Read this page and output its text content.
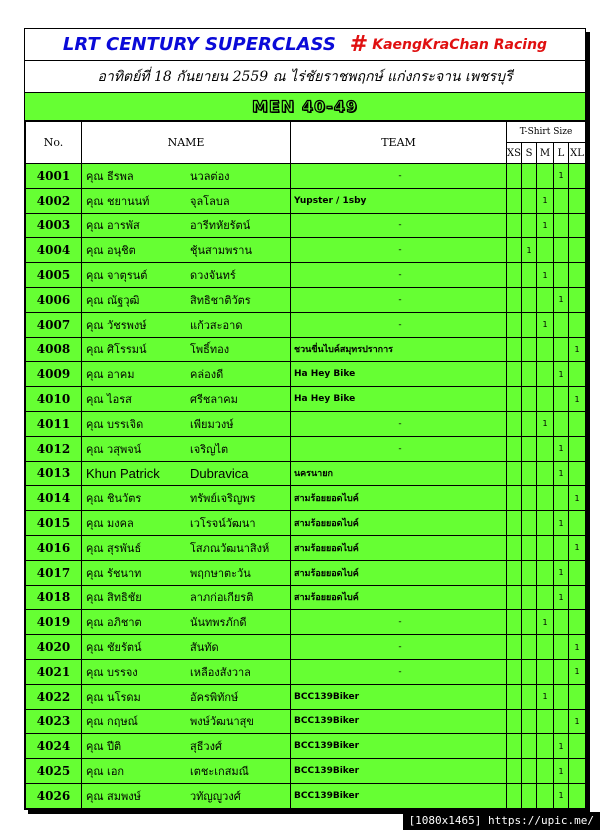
LRT CENTURY SUPERCLASS # KaengKraChan Racing
อาทิตย์ที่ 18 กันยายน 2559 ณ ไร่ชัยราชพฤกษ์ แก่งกระจาน เพชรบุรี
MEN 40-49
No.	NAME	TEAM	T-Shirt Size				
			XS	S	M	L	XL
4001	คุณ ธีรพล นวลต่อง	-				1	
4002	คุณ ชยานนท์ จุลโลบล	Yupster / 1sby			1		
4003	คุณ อารพัส อารีทหัยรัตน์	-			1		
4004	คุณ อนุชิต ชุ้นสามพราน	-		1			
4005	คุณ จาตุรนต์ ดวงจันทร์	-			1		
4006	คุณ ณัฐวุฒิ สิทธิชาติวัตร	-				1	
4007	คุณ วัชรพงษ์ แก้วสะอาด	-			1		
4008	คุณ ศิโรรมน์ โพธิ์ทอง	ชวนขี่นไบค์สมุทรปราการ					1
4009	คุณ อาคม คล่องดี	Ha Hey Bike				1	
4010	คุณ ไอรส ศรีชลาคม	Ha Hey Bike					1
4011	คุณ บรรเจิด เพียมวงษ์	-			1		
4012	คุณ วสุพจน์ เจริญไต	-				1	
4013	Khun Patrick Dubravica	นครนายก				1	
4014	คุณ ชินวัตร ทรัพย์เจริญพร	สามร้อยยอดไบค์					1
4015	คุณ มงคล เวโรจน์วัฒนา	สามร้อยยอดไบค์				1	
4016	คุณ สุรพันธ์ โสภณวัฒนาสิงห์	สามร้อยยอดไบค์					1
4017	คุณ รัชนาท พฤกษาตะวัน	สามร้อยยอดไบค์				1	
4018	คุณ สิทธิชัย ลาภก่อเกียรติ	สามร้อยยอดไบค์				1	
4019	คุณ อภิชาต นันทพรภักดี	-			1		
4020	คุณ ชัยรัตน์ สันทัด	-					1
4021	คุณ บรรจง เหลืองสังวาล	-					1
4022	คุณ นโรดม อัครพิทักษ์	BCC139Biker			1		
4023	คุณ กฤษณ์ พงษ์วัฒนาสุข	BCC139Biker					1
4024	คุณ ปีติ สุธีวงศ์	BCC139Biker				1	
4025	คุณ เอก เตชะเกสมณี	BCC139Biker				1	
4026	คุณ สมพงษ์ วทัญญูวงศ์	BCC139Biker				1	
[1080x1465] https://upic.me/
